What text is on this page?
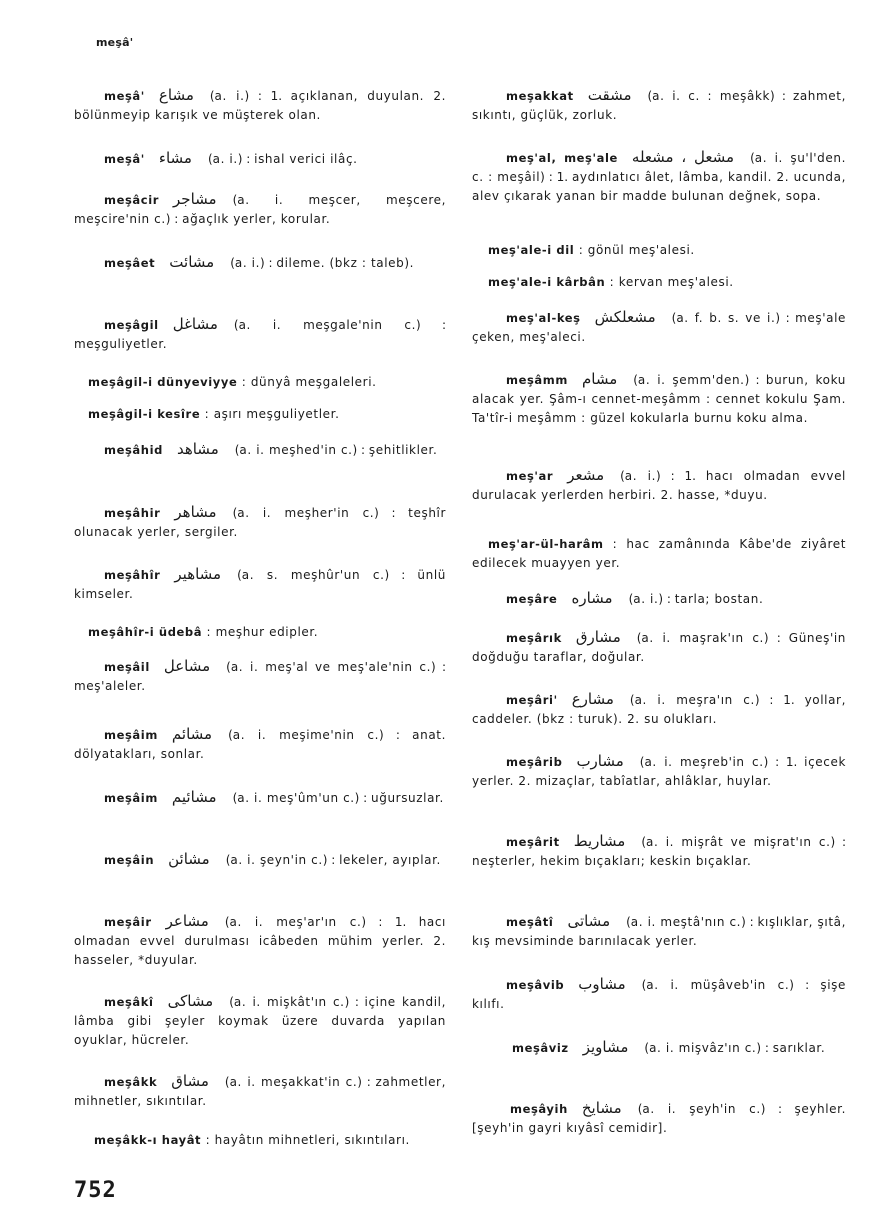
meşâ'
meşâ' مشاع (a. i.) : 1. açıklanan, duyulan. 2. bölünmeyip karışık ve müşterek olan.
meşâ' مشاء (a. i.) : ishal verici ilâç.
meşâcir مشاجر (a. i. meşcer, meşcere, meşcire'nin c.) : ağaçlık yerler, korular.
meşâet مشائت (a. i.) : dileme. (bkz : taleb).
meşâgil مشاغل (a. i. meşgale'nin c.) : meşguliyetler.
meşâgil-i dünyeviyye : dünyâ meşgaleleri.
meşâgil-i kesîre : aşırı meşguliyetler.
meşâhid مشاهد (a. i. meşhed'in c.) : şehitlikler.
meşâhir مشاهر (a. i. meşher'in c.) : teşhîr olunacak yerler, sergiler.
meşâhîr مشاهير (a. s. meşhûr'un c.) : ünlü kimseler.
meşâhîr-i üdebâ : meşhur edipler.
meşâil مشاعل (a. i. meş'al ve meş'ale'nin c.) : meş'aleler.
meşâim مشائم (a. i. meşime'nin c.) : anat. dölyatakları, sonlar.
meşâim مشائيم (a. i. meş'ûm'un c.) : uğursuzlar.
meşâin مشائن (a. i. şeyn'in c.) : lekeler, ayıplar.
meşâir مشاعر (a. i. meş'ar'ın c.) : 1. hacı olmadan evvel durulması icâbeden mühim yerler. 2. hasseler, *duyular.
meşâkî مشاكى (a. i. mişkât'ın c.) : içine kandil, lâmba gibi şeyler koymak üzere duvarda yapılan oyuklar, hücreler.
meşâkk مشاق (a. i. meşakkat'in c.) : zahmetler, mihnetler, sıkıntılar.
meşâkk-ı hayât : hayâtın mihnetleri, sıkıntıları.
meşakkat مشقت (a. i. c. : meşâkk) : zahmet, sıkıntı, güçlük, zorluk.
meş'al, meş'ale مشعل ، مشعله (a. i. şu'l'den. c. : meşâil) : 1. aydınlatıcı âlet, lâmba, kandil. 2. ucunda, alev çıkarak yanan bir madde bulunan değnek, sopa.
meş'ale-i dil : gönül meş'alesi.
meş'ale-i kârbân : kervan meş'alesi.
meş'al-keş مشعلكش (a. f. b. s. ve i.) : meş'ale çeken, meş'aleci.
meşâmm مشام (a. i. şemm'den.) : burun, koku alacak yer. Şâm-ı cennet-meşâmm : cennet kokulu Şam. Ta'tîr-i meşâmm : güzel kokularla burnu koku alma.
meş'ar مشعر (a. i.) : 1. hacı olmadan evvel durulacak yerlerden herbiri. 2. hasse, *duyu.
meş'ar-ül-harâm : hac zamânında Kâbe'de ziyâret edilecek muayyen yer.
meşâre مشاره (a. i.) : tarla; bostan.
meşârık مشارق (a. i. maşrak'ın c.) : Güneş'in doğduğu taraflar, doğular.
meşâri' مشارع (a. i. meşra'ın c.) : 1. yollar, caddeler. (bkz : turuk). 2. su olukları.
meşârib مشارب (a. i. meşreb'in c.) : 1. içecek yerler. 2. mizaçlar, tabîatlar, ahlâklar, huylar.
meşârit مشاريط (a. i. mişrât ve mişrat'ın c.) : neşterler, hekim bıçakları; keskin bıçaklar.
meşâtî مشاتى (a. i. meştâ'nın c.) : kışlıklar, şıtâ, kış mevsiminde barınılacak yerler.
meşâvib مشاوب (a. i. müşâveb'in c.) : şişe kılıfı.
meşâviz مشاويز (a. i. mişvâz'ın c.) : sarıklar.
meşâyih مشايخ (a. i. şeyh'in c.) : şeyhler. [şeyh'in gayri kıyâsî cemidir].
752
